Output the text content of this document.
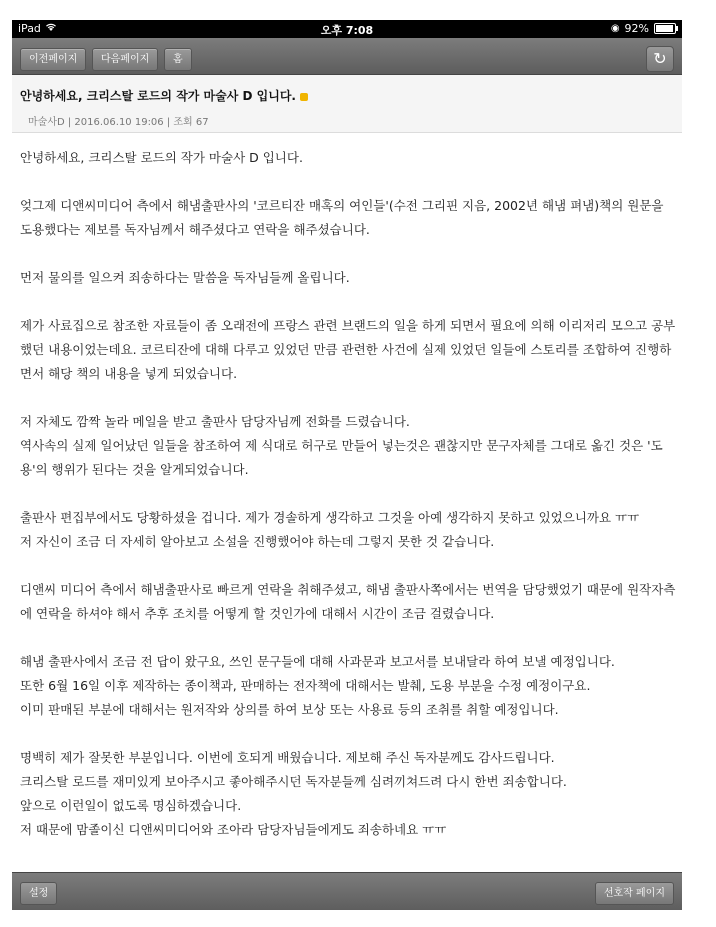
iPad	오후 7:08	◉ 92%
이전페이지	다음페이지	홈	↻
안녕하세요, 크리스탈 로드의 작가 마술사 D 입니다.
마술사D | 2016.06.10 19:06 | 조회 67

안녕하세요, 크리스탈 로드의 작가 마술사 D 입니다.

엊그제 디앤씨미디어 측에서 해냄출판사의 '코르티잔 매혹의 여인들'(수전 그리핀 지음, 2002년 해냄 펴냄)책의 원문을 도용했다는 제보를 독자님께서 해주셨다고 연락을 해주셨습니다.

먼저 물의를 일으켜 죄송하다는 말씀을 독자님들께 올립니다.

제가 사료집으로 참조한 자료들이 좀 오래전에 프랑스 관련 브랜드의 일을 하게 되면서 필요에 의해 이리저리 모으고 공부했던 내용이었는데요. 코르티잔에 대해 다루고 있었던 만큼 관련한 사건에 실제 있었던 일들에 스토리를 조합하여 진행하면서 해당 책의 내용을 넣게 되었습니다.

저 자체도 깜짝 놀라 메일을 받고 출판사 담당자님께 전화를 드렸습니다.
역사속의 실제 일어났던 일들을 참조하여 제 식대로 허구로 만들어 넣는것은 괜찮지만 문구자체를 그대로 옮긴 것은 '도용'의 행위가 된다는 것을 알게되었습니다.

출판사 편집부에서도 당황하셨을 겁니다. 제가 경솔하게 생각하고 그것을 아예 생각하지 못하고 있었으니까요 ㅠㅠ
저 자신이 조금 더 자세히 알아보고 소설을 진행했어야 하는데 그렇지 못한 것 같습니다.

디앤씨 미디어 측에서 해냄출판사로 빠르게 연락을 취해주셨고, 해냄 출판사쪽에서는 번역을 담당했었기 때문에 원작자측에 연락을 하셔야 해서 추후 조치를 어떻게 할 것인가에 대해서 시간이 조금 걸렸습니다.

해냄 출판사에서 조금 전 답이 왔구요, 쓰인 문구들에 대해 사과문과 보고서를 보내달라 하여 보낼 예정입니다.
또한 6월 16일 이후 제작하는 종이책과, 판매하는 전자책에 대해서는 발췌, 도용 부분을 수정 예정이구요.
이미 판매된 부분에 대해서는 원저작와 상의를 하여 보상 또는 사용료 등의 조취를 취할 예정입니다.

명백히 제가 잘못한 부분입니다. 이번에 호되게 배웠습니다. 제보해 주신 독자분께도 감사드립니다.
크리스탈 로드를 재미있게 보아주시고 좋아해주시던 독자분들께 심려끼쳐드려 다시 한번 죄송합니다.
앞으로 이런일이 없도록 명심하겠습니다.
저 때문에 맘졸이신 디앤씨미디어와 조아라 담당자님들에게도 죄송하네요 ㅠㅠ

설정	선호작 페이지
